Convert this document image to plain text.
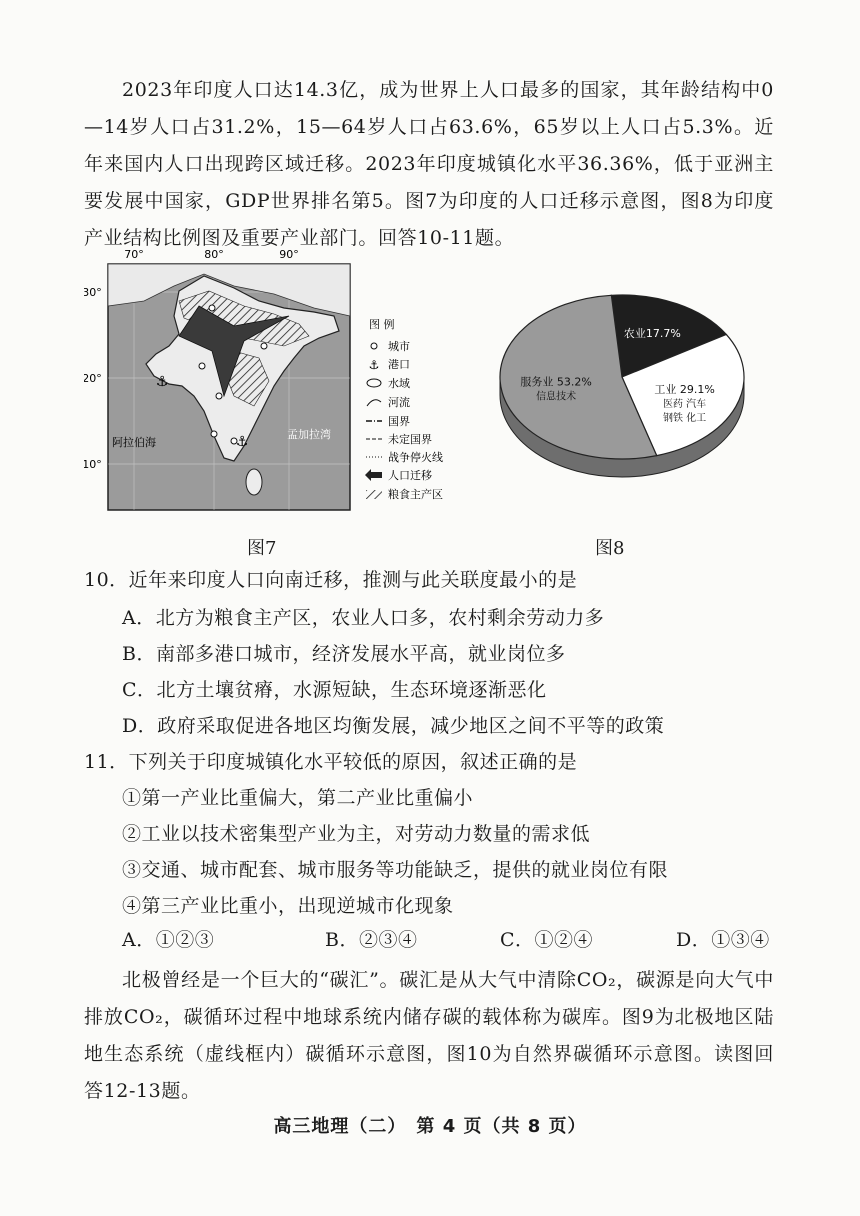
2023年印度人口达14.3亿，成为世界上人口最多的国家，其年龄结构中0—14岁人口占31.2%，15—64岁人口占63.6%，65岁以上人口占5.3%。近年来国内人口出现跨区域迁移。2023年印度城镇化水平36.36%，低于亚洲主要发展中国家，GDP世界排名第5。图7为印度的人口迁移示意图，图8为印度产业结构比例图及重要产业部门。回答10-11题。

70°	80°	90°
30°
20°
10°
⚓
⚓
阿拉伯海
孟加拉湾
图 例
城市
⚓ 港口
水域
河流
国界
未定国界
战争停火线
人口迁移
粮食主产区
图7
农业17.7%
工业 29.1%
医药 汽车
钢铁 化工
服务业 53.2%
信息技术
图8
10．近年来印度人口向南迁移，推测与此关联度最小的是
A．北方为粮食主产区，农业人口多，农村剩余劳动力多
B．南部多港口城市，经济发展水平高，就业岗位多
C．北方土壤贫瘠，水源短缺，生态环境逐渐恶化
D．政府采取促进各地区均衡发展，减少地区之间不平等的政策
11．下列关于印度城镇化水平较低的原因，叙述正确的是
①第一产业比重偏大，第二产业比重偏小
②工业以技术密集型产业为主，对劳动力数量的需求低
③交通、城市配套、城市服务等功能缺乏，提供的就业岗位有限
④第三产业比重小，出现逆城市化现象
A．①②③	B．②③④	C．①②④	D．①③④

北极曾经是一个巨大的“碳汇”。碳汇是从大气中清除CO₂，碳源是向大气中排放CO₂，碳循环过程中地球系统内储存碳的载体称为碳库。图9为北极地区陆地生态系统（虚线框内）碳循环示意图，图10为自然界碳循环示意图。读图回答12-13题。

高三地理（二）　第 4 页（共 8 页）
